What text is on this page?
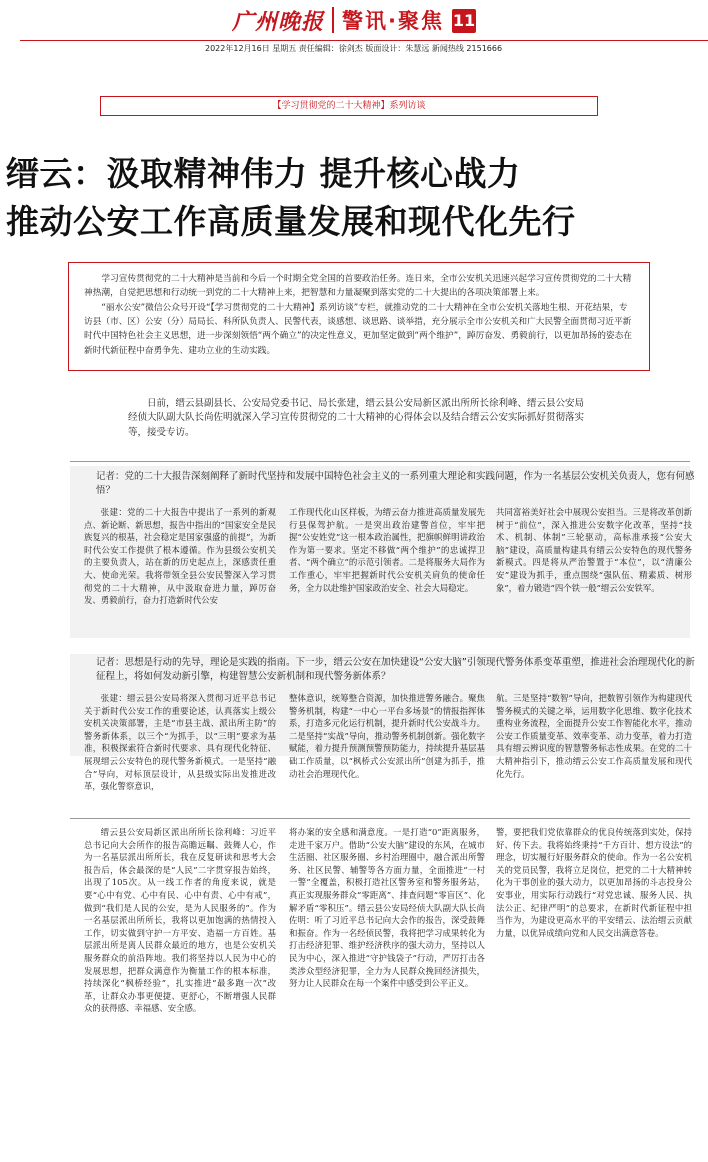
广州晚报 警讯·聚焦 11
2022年12月16日 星期五 责任编辑：徐剑杰 版面设计：朱慧远 新闻热线 2151666
【学习贯彻党的二十大精神】系列访谈
缙云：汲取精神伟力 提升核心战力
推动公安工作高质量发展和现代化先行

学习宣传贯彻党的二十大精神是当前和今后一个时期全党全国的首要政治任务。连日来，全市公安机关迅速兴起学习宣传贯彻党的二十大精神热潮，自觉把思想和行动统一到党的二十大精神上来，把智慧和力量凝聚到落实党的二十大提出的各项决策部署上来。

“丽水公安”微信公众号开设“【学习贯彻党的二十大精神】系列访谈”专栏，就推动党的二十大精神在全市公安机关落地生根、开花结果，专访县（市、区）公安（分）局局长、科所队负责人、民警代表，谈感想、谈思路、谈举措，充分展示全市公安机关和广大民警全面贯彻习近平新时代中国特色社会主义思想，进一步深刻领悟“两个确立”的决定性意义，更加坚定做到“两个维护”，踔厉奋发、勇毅前行，以更加昂扬的姿态在新时代新征程中奋勇争先、建功立业的生动实践。

日前，缙云县副县长、公安局党委书记、局长张建，缙云县公安局新区派出所所长徐利峰、缙云县公安局经侦大队副大队长尚佐明就深入学习宣传贯彻党的二十大精神的心得体会以及结合缙云公安实际抓好贯彻落实等，接受专访。

记者：党的二十大报告深刻阐释了新时代坚持和发展中国特色社会主义的一系列重大理论和实践问题，作为一名基层公安机关负责人，您有何感悟？

张建：党的二十大报告中提出了一系列的新观点、新论断、新思想，报告中指出的“国家安全是民族复兴的根基，社会稳定是国家强盛的前提”，为新时代公安工作提供了根本遵循。作为县级公安机关的主要负责人，站在新的历史起点上，深感责任重大、使命光荣。我将带领全县公安民警深入学习贯彻党的二十大精神，从中汲取奋进力量，踔厉奋发、勇毅前行，奋力打造新时代公安

工作现代化山区样板，为缙云奋力推进高质量发展先行县保驾护航。一是突出政治建警首位，牢牢把握“公安姓党”这一根本政治属性，把旗帜鲜明讲政治作为第一要求。坚定不移做“两个维护”的忠诚捍卫者、“两个确立”的示范引领者。二是将服务大局作为工作重心，牢牢把握新时代公安机关肩负的使命任务，全力以赴维护国家政治安全、社会大局稳定。

共同富裕美好社会中展现公安担当。三是将改革创新树于“前位”，深入推进公安数字化改革，坚持“技术、机制、体制”三轮驱动，高标准承接“公安大脑”建设，高质量构建具有缙云公安特色的现代警务新模式。四是将从严治警置于“本位”，以“清廉公安”建设为抓手，重点围绕“强队伍、精素质、树形象”，着力锻造“四个铁一般”缙云公安铁军。

记者：思想是行动的先导，理论是实践的指南。下一步，缙云公安在加快建设“公安大脑”引领现代警务体系变革重塑，推进社会治理现代化的新征程上，将如何发动新引擎，构建智慧公安新机制和现代警务新体系？

张建：缙云县公安局将深入贯彻习近平总书记关于新时代公安工作的重要论述，认真落实上级公安机关决策部署，主是“市县主战、派出所主防”的警务新体系，以三个“为抓手，以“三明”要求为基准，积极探索符合新时代要求、具有现代化特征、展现缙云公安特色的现代警务新模式。一是坚持“融合”导向，对标顶层设计，从县级实际出发推进改革，强化警察意识，

整体意识，统筹整合资源，加快推进警务融合。聚焦警务机制，构建“一中心一平台多场景”的情报指挥体系，打造多元化运行机制，提升新时代公安战斗力。二是坚持“实战”导向，推动警务机制创新。强化数字赋能，着力提升预测预警预防能力，持续提升基层基础工作质量，以“枫桥式公安派出所”创建为抓手，推动社会治理现代化。

航。三是坚持“数智”导向，把数智引领作为构建现代警务模式的关键之举，运用数字化思维、数字化技术重构业务流程，全面提升公安工作智能化水平，推动公安工作质量变革、效率变革、动力变革，着力打造具有缙云辨识度的智慧警务标志性成果。在党的二十大精神指引下，推动缙云公安工作高质量发展和现代化先行。

缙云县公安局新区派出所所长徐利峰：习近平总书记向大会所作的报告高瞻远瞩、鼓舞人心，作为一名基层派出所所长，我在反复研读和思考大会报告后，体会最深的是“人民”二字贯穿报告始终，出现了105次。从一线工作者的角度来说，就是要“心中有党、心中有民、心中有责、心中有戒”，做到“我们是人民的公安，是为人民服务的”。作为一名基层派出所所长，我将以更加饱满的热情投入工作，切实做到守护一方平安、造福一方百姓。基层派出所是离人民群众最近的地方，也是公安机关服务群众的前沿阵地。我们将坚持以人民为中心的发展思想，把群众满意作为衡量工作的根本标准，持续深化“枫桥经验”，扎实推进“最多跑一次”改革，让群众办事更便捷、更舒心，不断增强人民群众的获得感、幸福感、安全感。

将办案的安全感和满意度。一是打造“0”距离服务，走进千家万户。借助“公安大脑”建设的东风，在城市生活圈、社区服务圈、乡村治理圈中，融合派出所警务、社区民警、辅警等各方面力量，全面推进“一村一警”全覆盖，积极打造社区警务室和警务服务站，真正实现服务群众“零距离”、排查问题“零盲区”、化解矛盾“零积压”。缙云县公安局经侦大队副大队长尚佐明：听了习近平总书记向大会作的报告，深受鼓舞和振奋。作为一名经侦民警，我将把学习成果转化为打击经济犯罪、维护经济秩序的强大动力，坚持以人民为中心，深入推进“守护钱袋子”行动，严厉打击各类涉众型经济犯罪，全力为人民群众挽回经济损失，努力让人民群众在每一个案件中感受到公平正义。

警，要把我们党依靠群众的优良传统落到实处，保持好、传下去。我将始终秉持“千方百计、想方设法”的理念，切实履行好服务群众的使命。作为一名公安机关的党员民警，我将立足岗位，把党的二十大精神转化为干事创业的强大动力，以更加昂扬的斗志投身公安事业，用实际行动践行“对党忠诚、服务人民、执法公正、纪律严明”的总要求，在新时代新征程中担当作为，为建设更高水平的平安缙云、法治缙云贡献力量，以优异成绩向党和人民交出满意答卷。
